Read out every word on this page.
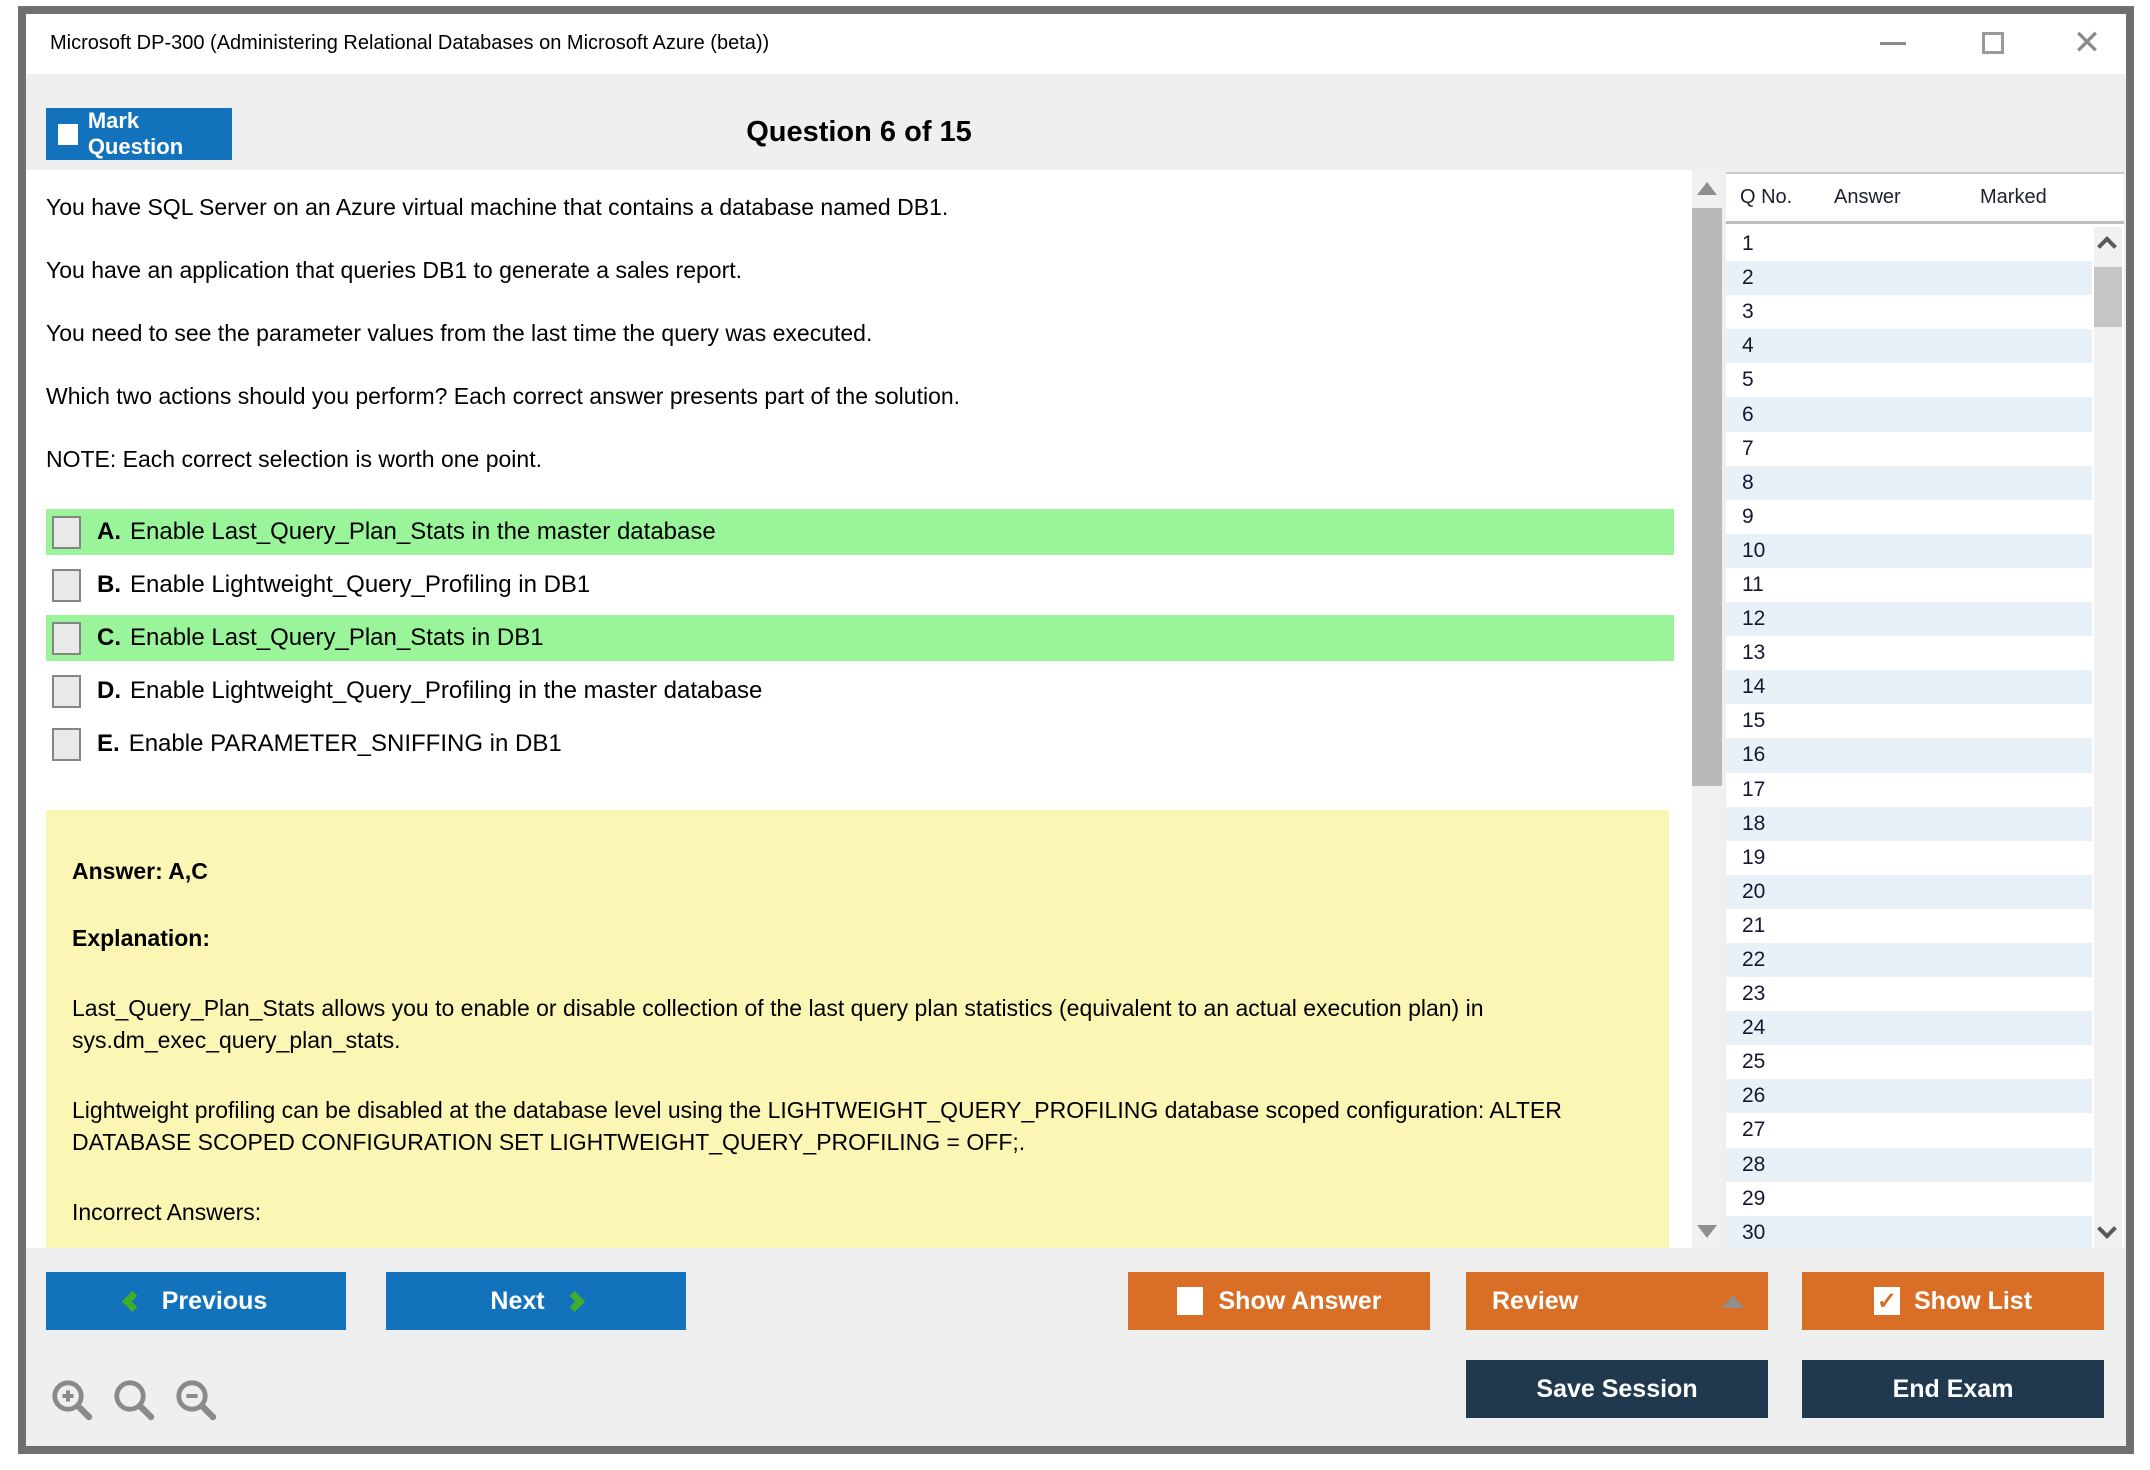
Microsoft DP-300 (Administering Relational Databases on Microsoft Azure (beta))	✕
Mark Question	Question 6 of 15

You have SQL Server on an Azure virtual machine that contains a database named DB1.

You have an application that queries DB1 to generate a sales report.

You need to see the parameter values from the last time the query was executed.

Which two actions should you perform? Each correct answer presents part of the solution.

NOTE: Each correct selection is worth one point.

A. Enable Last_Query_Plan_Stats in the master database
B. Enable Lightweight_Query_Profiling in DB1
C. Enable Last_Query_Plan_Stats in DB1
D. Enable Lightweight_Query_Profiling in the master database
E. Enable PARAMETER_SNIFFING in DB1
Answer: A,C
Explanation:

Last_Query_Plan_Stats allows you to enable or disable collection of the last query plan statistics (equivalent to an actual execution plan) in sys.dm_exec_query_plan_stats.

Lightweight profiling can be disabled at the database level using the LIGHTWEIGHT_QUERY_PROFILING database scoped configuration: ALTER DATABASE SCOPED CONFIGURATION SET LIGHTWEIGHT_QUERY_PROFILING = OFF;.

Incorrect Answers:

Q No.	Answer	Marked
1
2
3
4
5
6
7
8
9
10
11
12
13
14
15
16
17
18
19
20
21
22
23
24
25
26
27
28
29
30
Previous	Next	Show Answer	Review	✓ Show List
Save Session	End Exam
